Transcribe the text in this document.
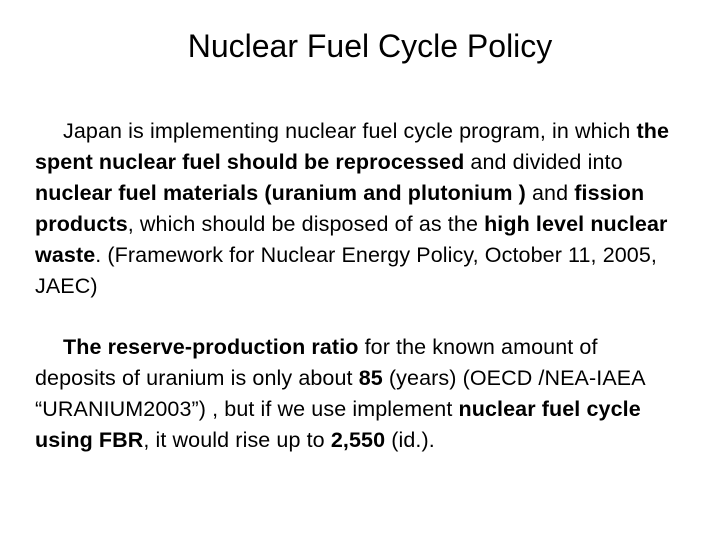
Nuclear Fuel Cycle Policy

Japan is implementing nuclear fuel cycle program, in which the spent nuclear fuel should be reprocessed and divided into nuclear fuel materials (uranium and plutonium ) and fission products, which should be disposed of as the high level nuclear waste. (Framework for Nuclear Energy Policy, October 11, 2005, JAEC)

The reserve-production ratio for the known amount of deposits of uranium is only about 85 (years) (OECD /NEA-IAEA “URANIUM2003”) , but if we use implement nuclear fuel cycle using FBR, it would rise up to 2,550 (id.).
